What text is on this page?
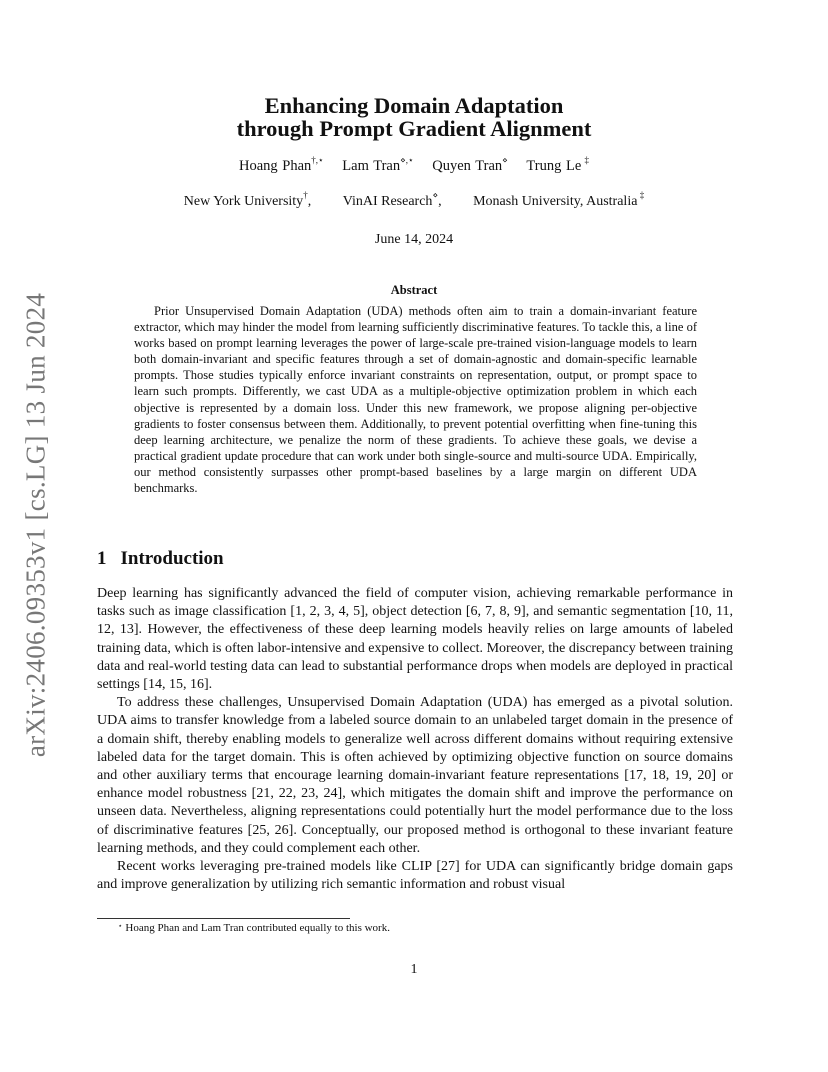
arXiv:2406.09353v1 [cs.LG] 13 Jun 2024
Enhancing Domain Adaptation
through Prompt Gradient Alignment
Hoang Phan†,⋆ Lam Tran⋄,⋆ Quyen Tran⋄ Trung Le ‡
New York University†, VinAI Research⋄, Monash University, Australia ‡
June 14, 2024
Abstract
Prior Unsupervised Domain Adaptation (UDA) methods often aim to train a domain-invariant feature extractor, which may hinder the model from learning sufficiently discriminative features. To tackle this, a line of works based on prompt learning leverages the power of large-scale pre-trained vision-language models to learn both domain-invariant and specific features through a set of domain-agnostic and domain-specific learnable prompts. Those studies typically enforce invariant constraints on representation, output, or prompt space to learn such prompts. Differently, we cast UDA as a multiple-objective optimization problem in which each objective is represented by a domain loss. Under this new framework, we propose aligning per-objective gradients to foster consensus between them. Additionally, to prevent potential overfitting when fine-tuning this deep learning architecture, we penalize the norm of these gradients. To achieve these goals, we devise a practical gradient update procedure that can work under both single-source and multi-source UDA. Empirically, our method consistently surpasses other prompt-based baselines by a large margin on different UDA benchmarks.
1 Introduction

Deep learning has significantly advanced the field of computer vision, achieving remarkable performance in tasks such as image classification [1, 2, 3, 4, 5], object detection [6, 7, 8, 9], and semantic segmentation [10, 11, 12, 13]. However, the effectiveness of these deep learning models heavily relies on large amounts of labeled training data, which is often labor-intensive and expensive to collect. Moreover, the discrepancy between training data and real-world testing data can lead to substantial performance drops when models are deployed in practical settings [14, 15, 16].

To address these challenges, Unsupervised Domain Adaptation (UDA) has emerged as a pivotal solution. UDA aims to transfer knowledge from a labeled source domain to an unlabeled target domain in the presence of a domain shift, thereby enabling models to generalize well across different domains without requiring extensive labeled data for the target domain. This is often achieved by optimizing objective function on source domains and other auxiliary terms that encourage learning domain-invariant feature representations [17, 18, 19, 20] or enhance model robustness [21, 22, 23, 24], which mitigates the domain shift and improve the performance on unseen data. Nevertheless, aligning representations could potentially hurt the model performance due to the loss of discriminative features [25, 26]. Conceptually, our proposed method is orthogonal to these invariant feature learning methods, and they could complement each other.

Recent works leveraging pre-trained models like CLIP [27] for UDA can significantly bridge domain gaps and improve generalization by utilizing rich semantic information and robust visual

⋆ Hoang Phan and Lam Tran contributed equally to this work.
1
